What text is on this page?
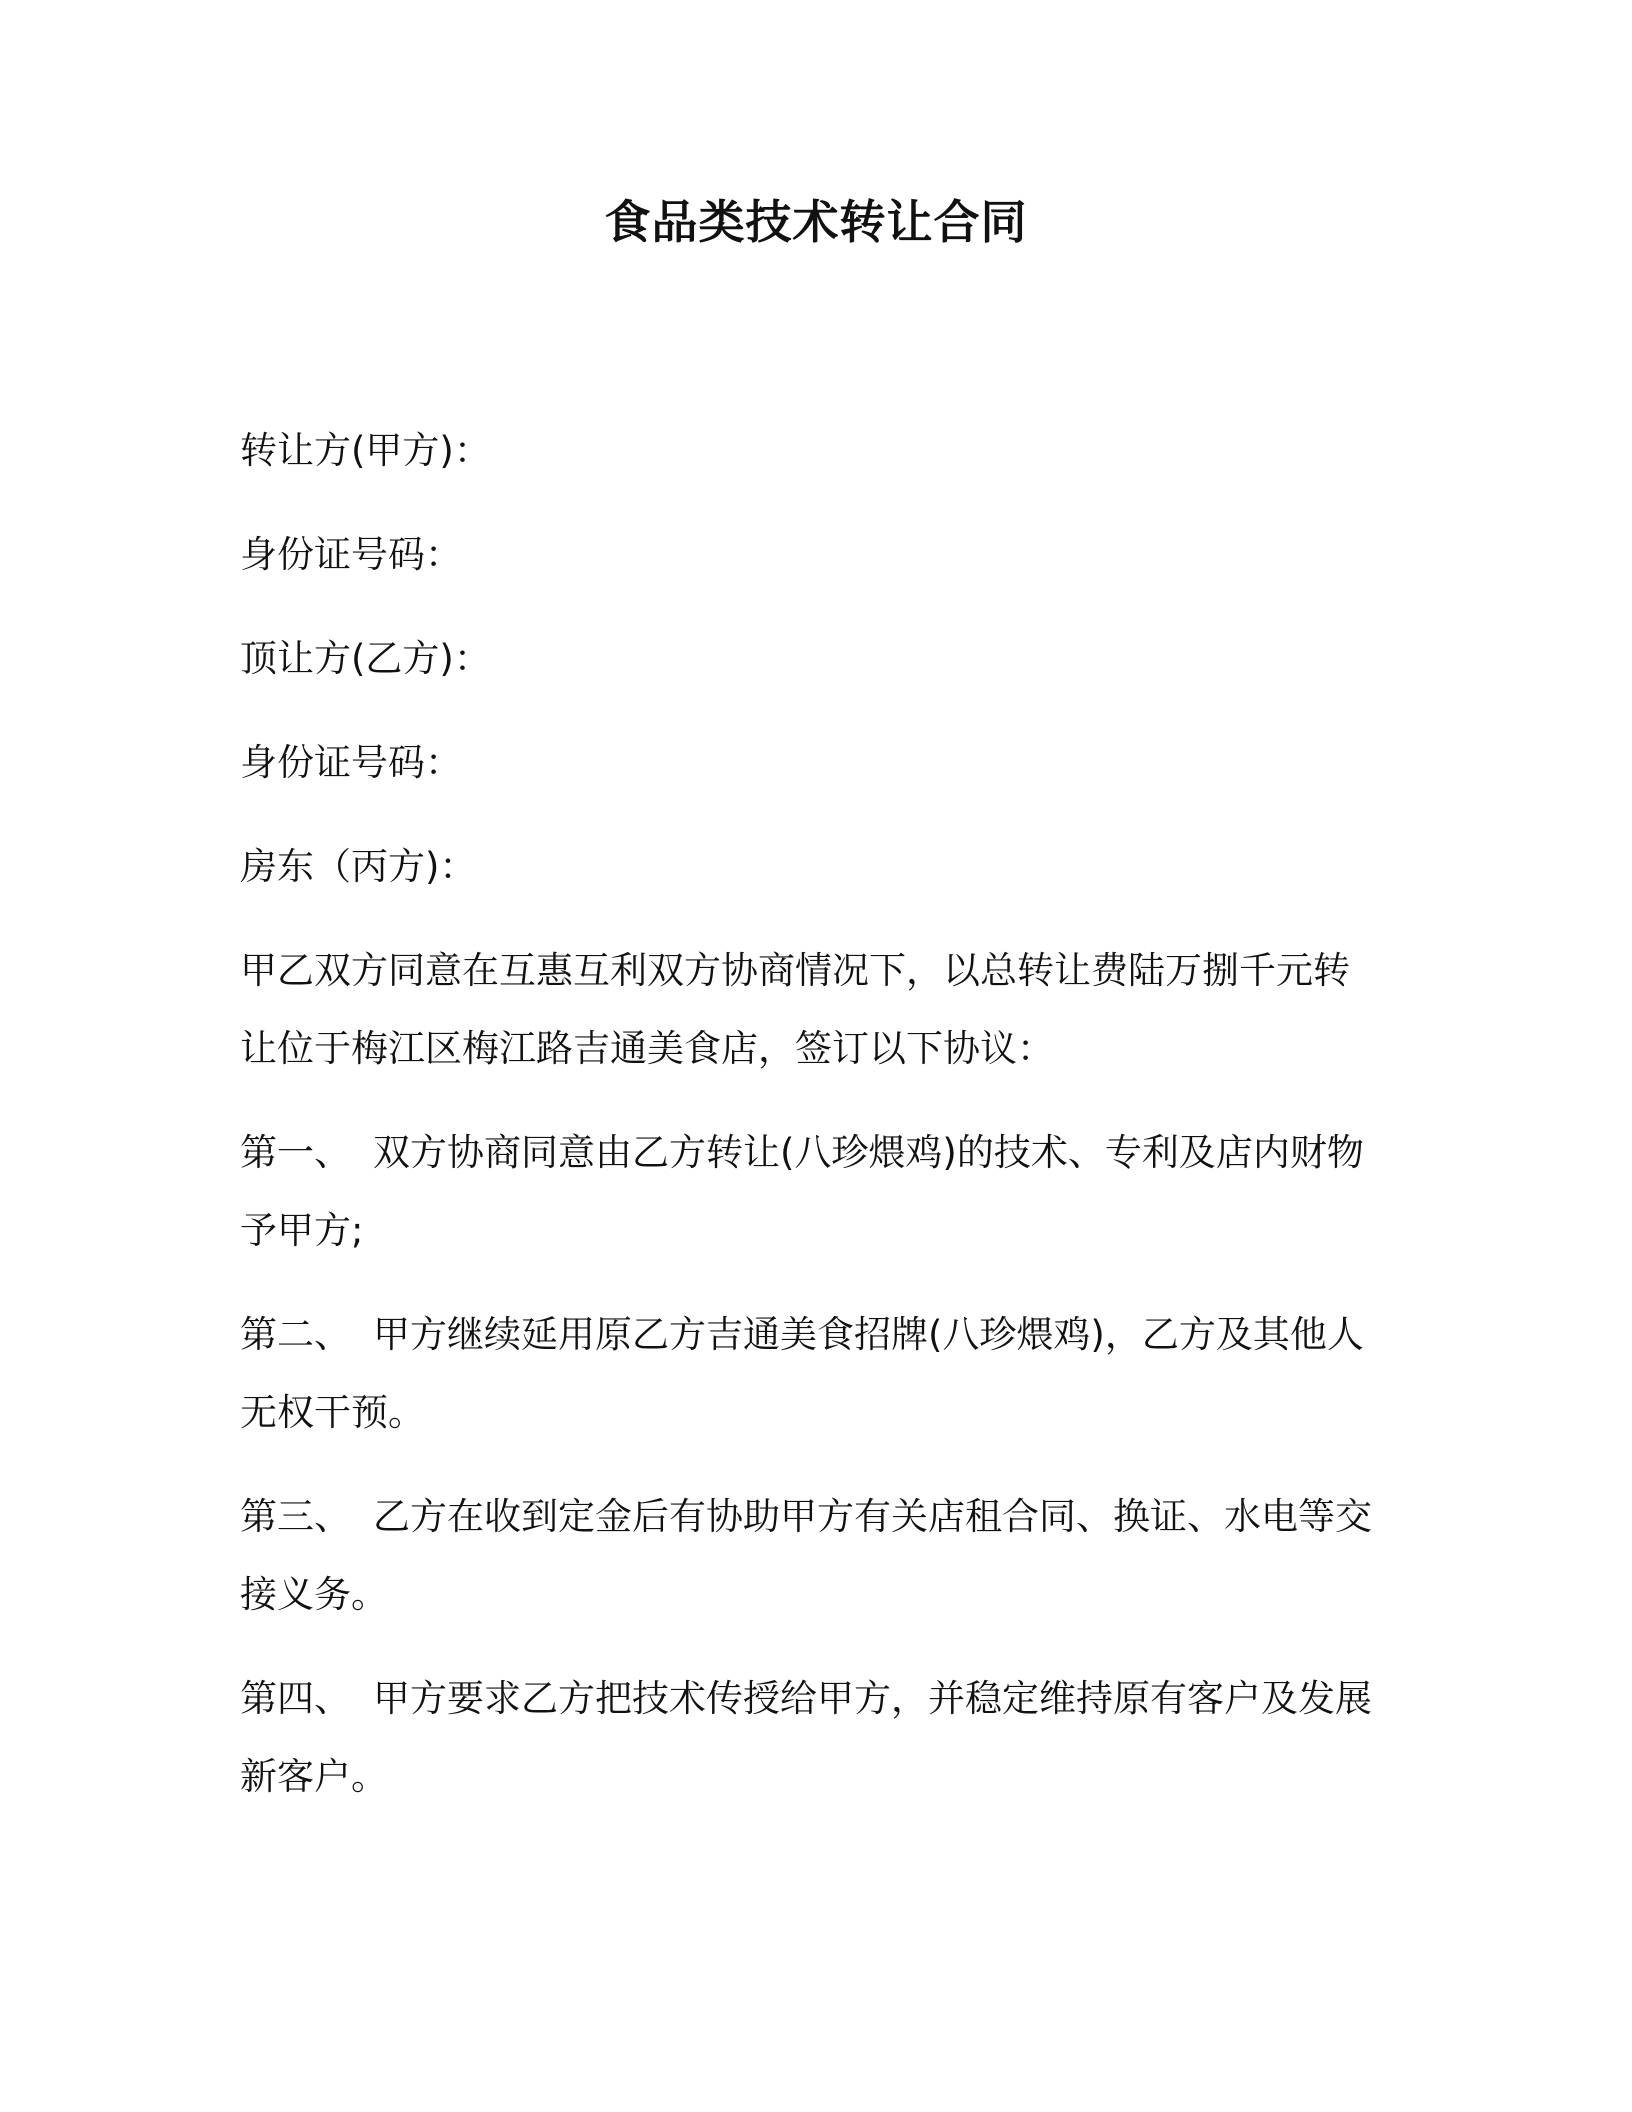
食品类技术转让合同
转让方(甲方)：
身份证号码：
顶让方(乙方)：
身份证号码：
房东（丙方)：
甲乙双方同意在互惠互利双方协商情况下，以总转让费陆万捌千元转让位于梅江区梅江路吉通美食店，签订以下协议：
第一、 双方协商同意由乙方转让(八珍煨鸡)的技术、专利及店内财物予甲方;
第二、 甲方继续延用原乙方吉通美食招牌(八珍煨鸡)，乙方及其他人无权干预。
第三、 乙方在收到定金后有协助甲方有关店租合同、换证、水电等交接义务。
第四、 甲方要求乙方把技术传授给甲方，并稳定维持原有客户及发展新客户。
